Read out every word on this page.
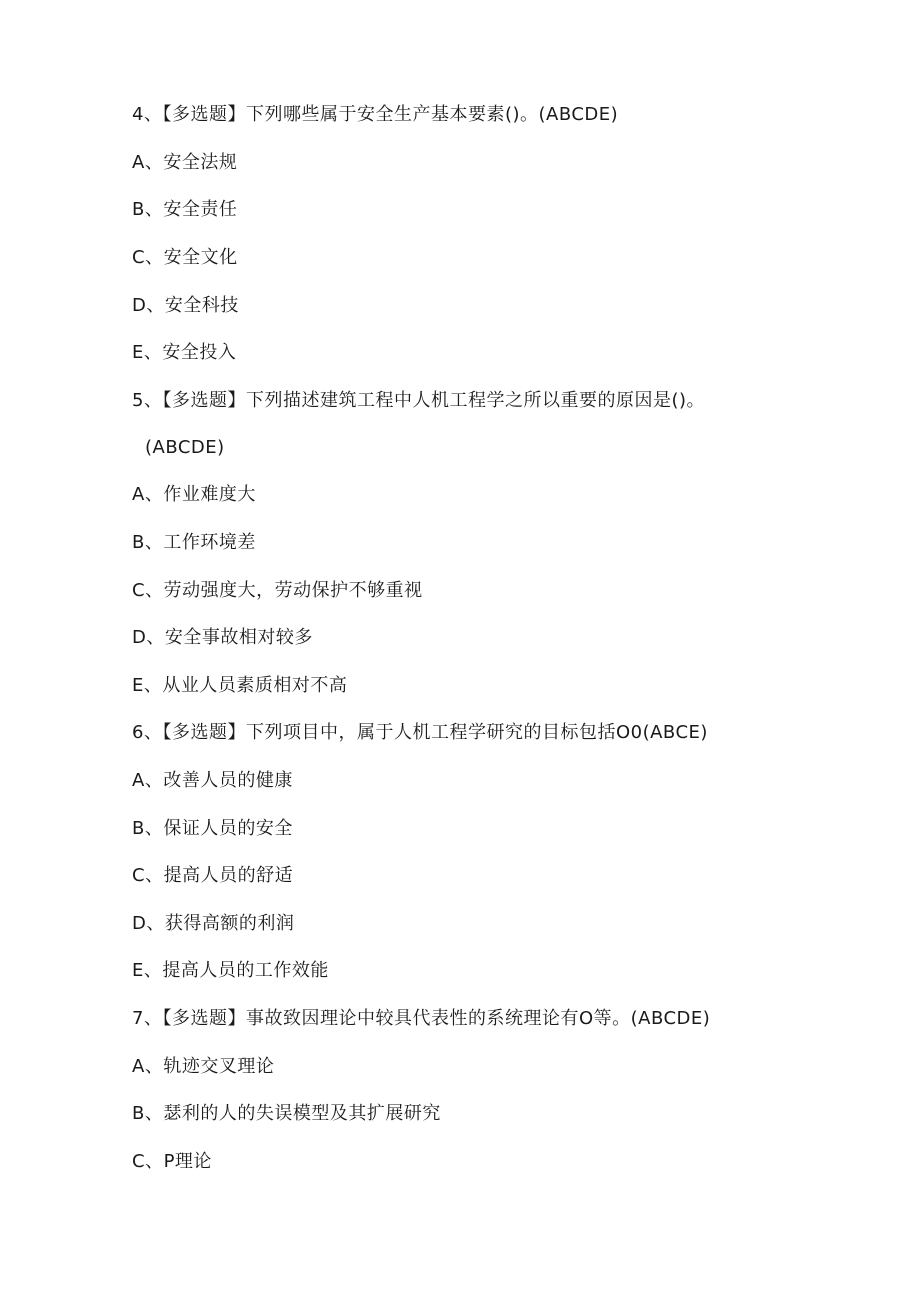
4、【多选题】下列哪些属于安全生产基本要素()。(ABCDE)
A、安全法规
B、安全责任
C、安全文化
D、安全科技
E、安全投入
5、【多选题】下列描述建筑工程中人机工程学之所以重要的原因是()。
(ABCDE)
A、作业难度大
B、工作环境差
C、劳动强度大，劳动保护不够重视
D、安全事故相对较多
E、从业人员素质相对不高
6、【多选题】下列项目中，属于人机工程学研究的目标包括O0(ABCE)
A、改善人员的健康
B、保证人员的安全
C、提高人员的舒适
D、获得高额的利润
E、提高人员的工作效能
7、【多选题】事故致因理论中较具代表性的系统理论有O等。(ABCDE)
A、轨迹交叉理论
B、瑟利的人的失误模型及其扩展研究
C、P理论
